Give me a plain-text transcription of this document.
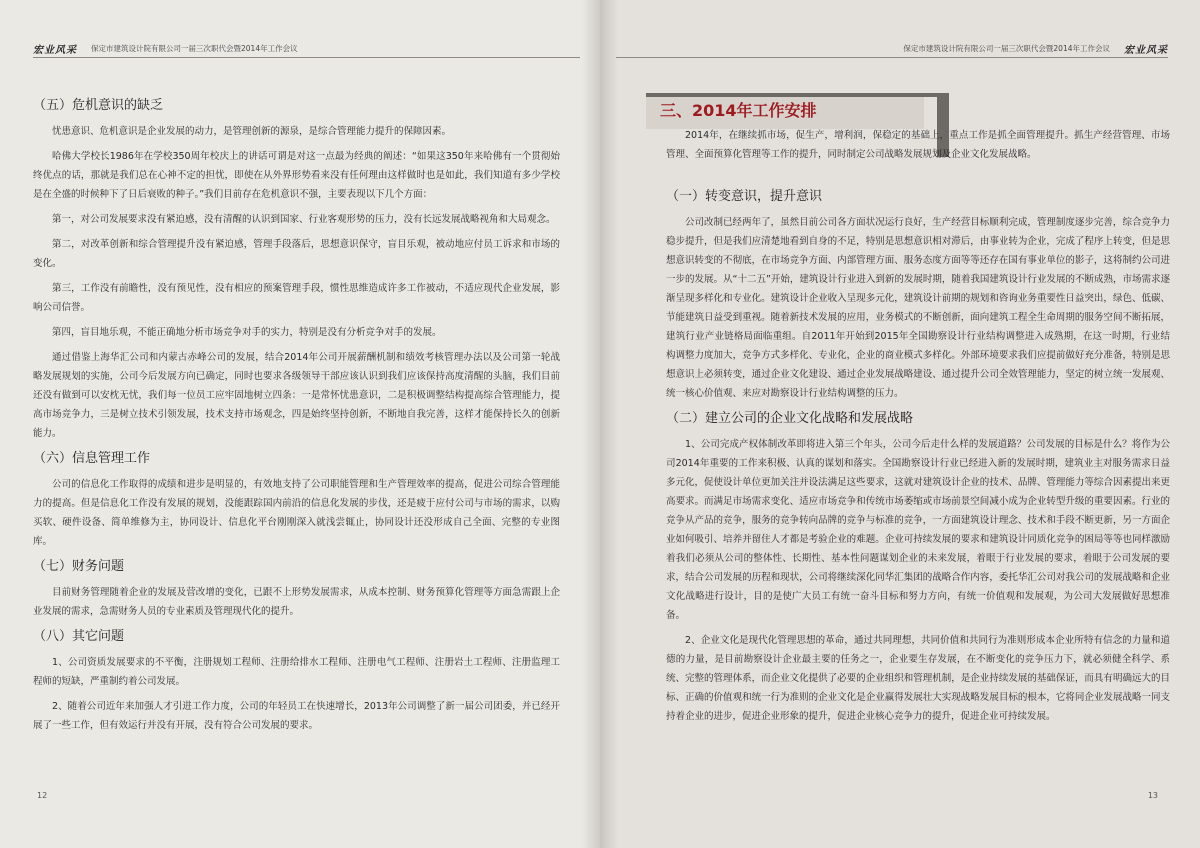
宏业风采 保定市建筑设计院有限公司一届三次职代会暨2014年工作会议
（五）危机意识的缺乏

忧患意识、危机意识是企业发展的动力，是管理创新的源泉，是综合管理能力提升的保障因素。

哈佛大学校长1986年在学校350周年校庆上的讲话可谓是对这一点最为经典的阐述：“如果这350年来哈佛有一个贯彻始终优点的话，那就是我们总在心神不定的担忧，即使在从外界形势看来没有任何理由这样做时也是如此，我们知道有多少学校是在全盛的时候种下了日后衰败的种子。”我们目前存在危机意识不强，主要表现以下几个方面：

第一，对公司发展要求没有紧迫感，没有清醒的认识到国家、行业客观形势的压力，没有长远发展战略视角和大局观念。

第二，对改革创新和综合管理提升没有紧迫感，管理手段落后，思想意识保守，盲目乐观，被动地应付员工诉求和市场的变化。

第三，工作没有前瞻性，没有预见性，没有相应的预案管理手段，惯性思维造成许多工作被动，不适应现代企业发展，影响公司信誉。

第四，盲目地乐观，不能正确地分析市场竞争对手的实力，特别是没有分析竞争对手的发展。

通过借鉴上海华汇公司和内蒙古赤峰公司的发展，结合2014年公司开展薪酬机制和绩效考核管理办法以及公司第一轮战略发展规划的实施，公司今后发展方向已确定，同时也要求各级领导干部应该认识到我们应该保持高度清醒的头脑，我们目前还没有做到可以安枕无忧，我们每一位员工应牢固地树立四条：一是常怀忧患意识，二是积极调整结构提高综合管理能力，提高市场竞争力，三是树立技术引领发展，技术支持市场观念，四是始终坚持创新，不断地自我完善，这样才能保持长久的创新能力。

（六）信息管理工作

公司的信息化工作取得的成绩和进步是明显的，有效地支持了公司职能管理和生产管理效率的提高，促进公司综合管理能力的提高。但是信息化工作没有发展的规划，没能跟踪国内前沿的信息化发展的步伐，还是疲于应付公司与市场的需求，以购买软、硬件设备、简单维修为主，协同设计、信息化平台刚刚深入就浅尝辄止，协同设计还没形成自己全面、完整的专业图库。

（七）财务问题

目前财务管理随着企业的发展及营改增的变化，已跟不上形势发展需求，从成本控制、财务预算化管理等方面急需跟上企业发展的需求，急需财务人员的专业素质及管理现代化的提升。

（八）其它问题

1、公司资质发展要求的不平衡，注册规划工程师、注册给排水工程师、注册电气工程师、注册岩土工程师、注册监理工程师的短缺，严重制约着公司发展。

2、随着公司近年来加强人才引进工作力度，公司的年轻员工在快速增长，2013年公司调整了新一届公司团委，并已经开展了一些工作，但有效运行并没有开展，没有符合公司发展的要求。

12
保定市建筑设计院有限公司一届三次职代会暨2014年工作会议 宏业风采
三、2014年工作安排

2014年，在继续抓市场，促生产，增利润，保稳定的基础上，重点工作是抓全面管理提升。抓生产经营管理、市场管理、全面预算化管理等工作的提升，同时制定公司战略发展规划及企业文化发展战略。

（一）转变意识，提升意识

公司改制已经两年了，虽然目前公司各方面状况运行良好，生产经营目标顺利完成，管理制度逐步完善，综合竞争力稳步提升，但是我们应清楚地看到自身的不足，特别是思想意识相对滞后，由事业转为企业，完成了程序上转变，但是思想意识转变的不彻底，在市场竞争方面、内部管理方面、服务态度方面等等还存在国有事业单位的影子，这将制约公司进一步的发展。从“十二五”开始，建筑设计行业进入到新的发展时期，随着我国建筑设计行业发展的不断成熟，市场需求逐渐呈现多样化和专业化。建筑设计企业收入呈现多元化，建筑设计前期的规划和咨询业务重要性日益突出，绿色、低碳、节能建筑日益受到重视。随着新技术发展的应用，业务模式的不断创新，面向建筑工程全生命周期的服务空间不断拓展，建筑行业产业链格局面临重组。自2011年开始到2015年全国勘察设计行业结构调整进入成熟期，在这一时期，行业结构调整力度加大，竞争方式多样化、专业化，企业的商业模式多样化。外部环境要求我们应提前做好充分准备，特别是思想意识上必须转变，通过企业文化建设、通过企业发展战略建设、通过提升公司全效管理能力，坚定的树立统一发展观、统一核心价值观、来应对勘察设计行业结构调整的压力。

（二）建立公司的企业文化战略和发展战略

1、公司完成产权体制改革即将进入第三个年头，公司今后走什么样的发展道路？公司发展的目标是什么？将作为公司2014年重要的工作来积极、认真的谋划和落实。全国勘察设计行业已经进入新的发展时期，建筑业主对服务需求日益多元化，促使设计单位更加关注并设法满足这些要求，这就对建筑设计企业的技术、品牌、管理能力等综合因素提出来更高要求。而满足市场需求变化、适应市场竞争和传统市场萎缩或市场前景空间减小成为企业转型升级的重要因素。行业的竞争从产品的竞争，服务的竞争转向品牌的竞争与标准的竞争，一方面建筑设计理念、技术和手段不断更新，另一方面企业如何吸引、培养并留住人才都是考验企业的难题。企业可持续发展的要求和建筑设计同质化竞争的困局等等也同样激励着我们必须从公司的整体性、长期性、基本性问题谋划企业的未来发展，着眼于行业发展的要求，着眼于公司发展的要求，结合公司发展的历程和现状，公司将继续深化同华汇集团的战略合作内容，委托华汇公司对我公司的发展战略和企业文化战略进行设计，目的是使广大员工有统一奋斗目标和努力方向，有统一价值观和发展观，为公司大发展做好思想准备。

2、企业文化是现代化管理思想的革命，通过共同理想，共同价值和共同行为准则形成本企业所特有信念的力量和道德的力量，是目前勘察设计企业最主要的任务之一，企业要生存发展，在不断变化的竞争压力下，就必须健全科学、系统、完整的管理体系，而企业文化提供了必要的企业组织和管理机制，是企业持续发展的基础保证，而具有明确远大的目标、正确的价值观和统一行为准则的企业文化是企业赢得发展壮大实现战略发展目标的根本，它将同企业发展战略一同支持着企业的进步，促进企业形象的提升，促进企业核心竞争力的提升，促进企业可持续发展。

13
